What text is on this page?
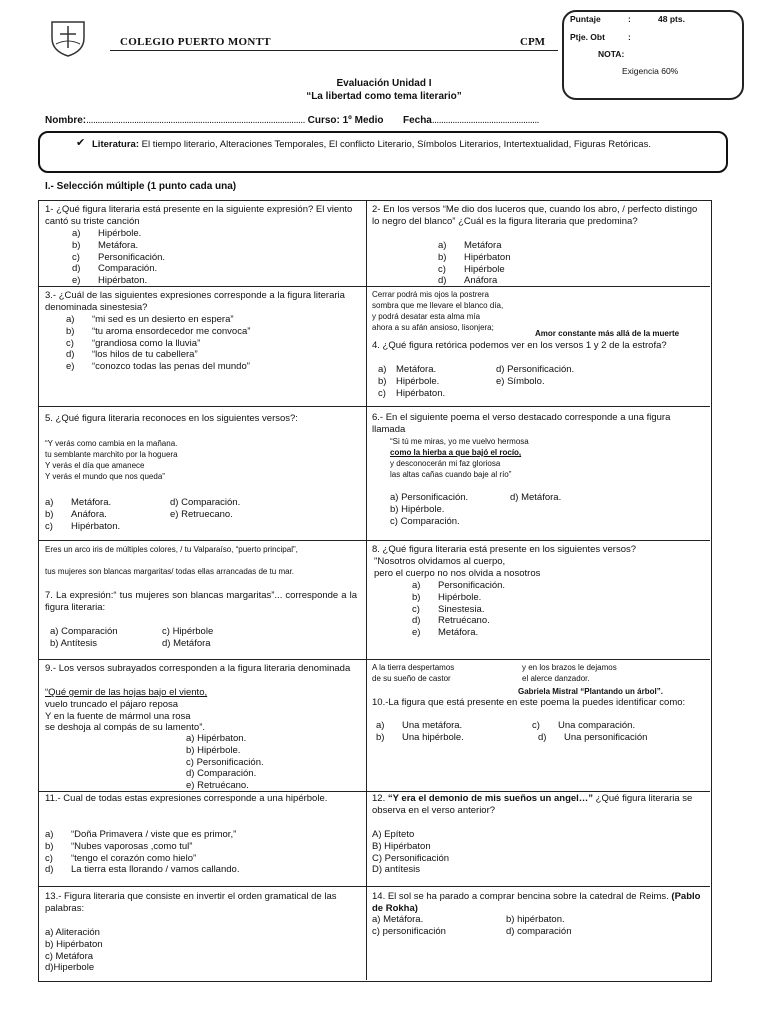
COLEGIO PUERTO MONTT	CPM
Puntaje	:	48 pts.
Ptje. Obt	:
NOTA:
Exigencia 60%
Evaluación Unidad I
“La libertad como tema literario”
Nombre:................................................................................................ Curso: 1º Medio Fecha...............................................
✔ Literatura: El tiempo literario, Alteraciones Temporales, El conflicto Literario, Símbolos Literarios, Intertextualidad, Figuras Retóricas.
I.- Selección múltiple (1 punto cada una)
1- ¿Qué figura literaria está presente en la siguiente expresión? El viento cantó su triste canción

a) Hipérbole.

b) Metáfora.

c) Personificación.

d) Comparación.

e) Hipérbaton.

2- En los versos “Me dio dos luceros que, cuando los abro, / perfecto distingo lo negro del blanco” ¿Cuál es la figura literaria que predomina?

a) Metáfora

b) Hipérbaton

c) Hipérbole

d) Anáfora

3.- ¿Cuál de las siguientes expresiones corresponde a la figura literaria denominada sinestesia?

a) “mi sed es un desierto en espera”

b) “tu aroma ensordecedor me convoca”

c) “grandiosa como la lluvia”

d) “los hilos de tu cabellera”

e) “conozco todas las penas del mundo”

Cerrar podrá mis ojos la postrera

sombra que me llevare el blanco día,

y podrá desatar esta alma mía

ahora a su afán ansioso, lisonjera;

Amor constante más allá de la muerte
4. ¿Qué figura retórica podemos ver en los versos 1 y 2 de la estrofa?

a) Metáfora.

b) Hipérbole.

c) Hipérbaton.

d) Personificación.

e) Símbolo.

5. ¿Qué figura literaria reconoces en los siguientes versos?:

“Y verás como cambia en la mañana.

tu semblante marchito por la hoguera

Y verás el día que amanece

Y verás el mundo que nos queda”

a) Metáfora.

b) Anáfora.

c) Hipérbaton.

d) Comparación.

e) Retruecano.

6.- En el siguiente poema el verso destacado corresponde a una figura llamada

“Si tú me miras, yo me vuelvo hermosa

como la hierba a que bajó el rocío,

y desconocerán mi faz gloriosa

las altas cañas cuando baje al río”

a) Personificación.

b) Hipérbole.

c) Comparación.

d) Metáfora.

Eres un arco iris de múltiples colores, / tu Valparaíso, “puerto principal”,
tus mujeres son blancas margaritas/ todas ellas arrancadas de tu mar.
7. La expresión:“ tus mujeres son blancas margaritas”... corresponde a la figura literaria:

a) Comparación

b) Antítesis

c) Hipérbole

d) Metáfora

8. ¿Qué figura literaria está presente en los siguientes versos?

"Nosotros olvidamos al cuerpo,

pero el cuerpo no nos olvida a nosotros

a) Personificación.

b) Hipérbole.

c) Sinestesia.

d) Retruécano.

e) Metáfora.

9.- Los versos subrayados corresponden a la figura literaria denominada

“Qué gemir de las hojas bajo el viento,

vuelo truncado el pájaro reposa

Y en la fuente de mármol una rosa

se deshoja al compás de su lamento”.

a) Hipérbaton.

b) Hipérbole.

c) Personificación.

d) Comparación.

e) Retruécano.

A la tierra despertamos

de su sueño de castor

y en los brazos le dejamos

el alerce danzador.

Gabriela Mistral “Plantando un árbol”.
10.-La figura que está presente en este poema la puedes identificar como:

a) Una metáfora.

b) Una hipérbole.

c) Una comparación.

d) Una personificación

11.- Cual de todas estas expresiones corresponde a una hipérbole.

a) “Doña Primavera / viste que es primor,”

b) “Nubes vaporosas ,como tul”

c) “tengo el corazón como hielo”

d) La tierra esta llorando / vamos callando.

12. “Y era el demonio de mis sueños un angel…” ¿Qué figura literaria se observa en el verso anterior?

A) Epíteto

B) Hipérbaton

C) Personificación

D) antítesis

13.- Figura literaria que consiste en invertir el orden gramatical de las palabras:

a) Aliteración

b) Hipérbaton

c) Metáfora

d)Hiperbole

14. El sol se ha parado a comprar bencina sobre la catedral de Reims. (Pablo de Rokha)

a) Metáfora.

c) personificación

b) hipérbaton.

d) comparación
